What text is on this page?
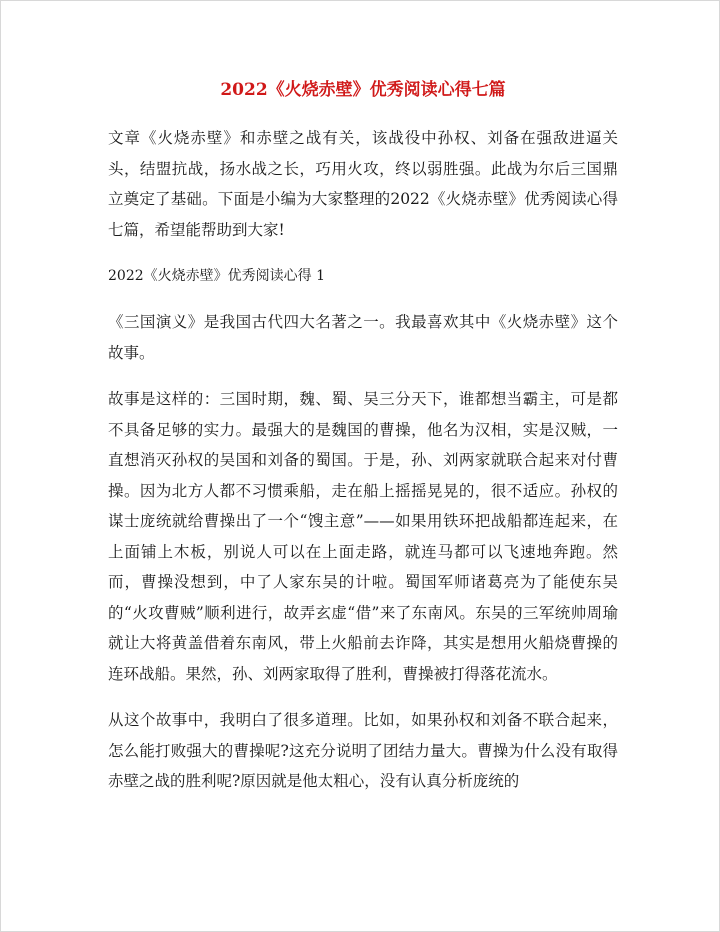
2022《火烧赤壁》优秀阅读心得七篇

文章《火烧赤壁》和赤壁之战有关，该战役中孙权、刘备在强敌进逼关头，结盟抗战，扬水战之长，巧用火攻，终以弱胜强。此战为尔后三国鼎立奠定了基础。下面是小编为大家整理的2022《火烧赤壁》优秀阅读心得七篇，希望能帮助到大家!

2022《火烧赤壁》优秀阅读心得 1

《三国演义》是我国古代四大名著之一。我最喜欢其中《火烧赤壁》这个故事。

故事是这样的：三国时期，魏、蜀、吴三分天下，谁都想当霸主，可是都不具备足够的实力。最强大的是魏国的曹操，他名为汉相，实是汉贼，一直想消灭孙权的吴国和刘备的蜀国。于是，孙、刘两家就联合起来对付曹操。因为北方人都不习惯乘船，走在船上摇摇晃晃的，很不适应。孙权的谋士庞统就给曹操出了一个“馊主意”——如果用铁环把战船都连起来，在上面铺上木板，别说人可以在上面走路，就连马都可以飞速地奔跑。然而，曹操没想到，中了人家东吴的计啦。蜀国军师诸葛亮为了能使东吴的“火攻曹贼”顺利进行，故弄玄虚“借”来了东南风。东吴的三军统帅周瑜就让大将黄盖借着东南风，带上火船前去诈降，其实是想用火船烧曹操的连环战船。果然，孙、刘两家取得了胜利，曹操被打得落花流水。

从这个故事中，我明白了很多道理。比如，如果孙权和刘备不联合起来，怎么能打败强大的曹操呢?这充分说明了团结力量大。曹操为什么没有取得赤壁之战的胜利呢?原因就是他太粗心，没有认真分析庞统的
